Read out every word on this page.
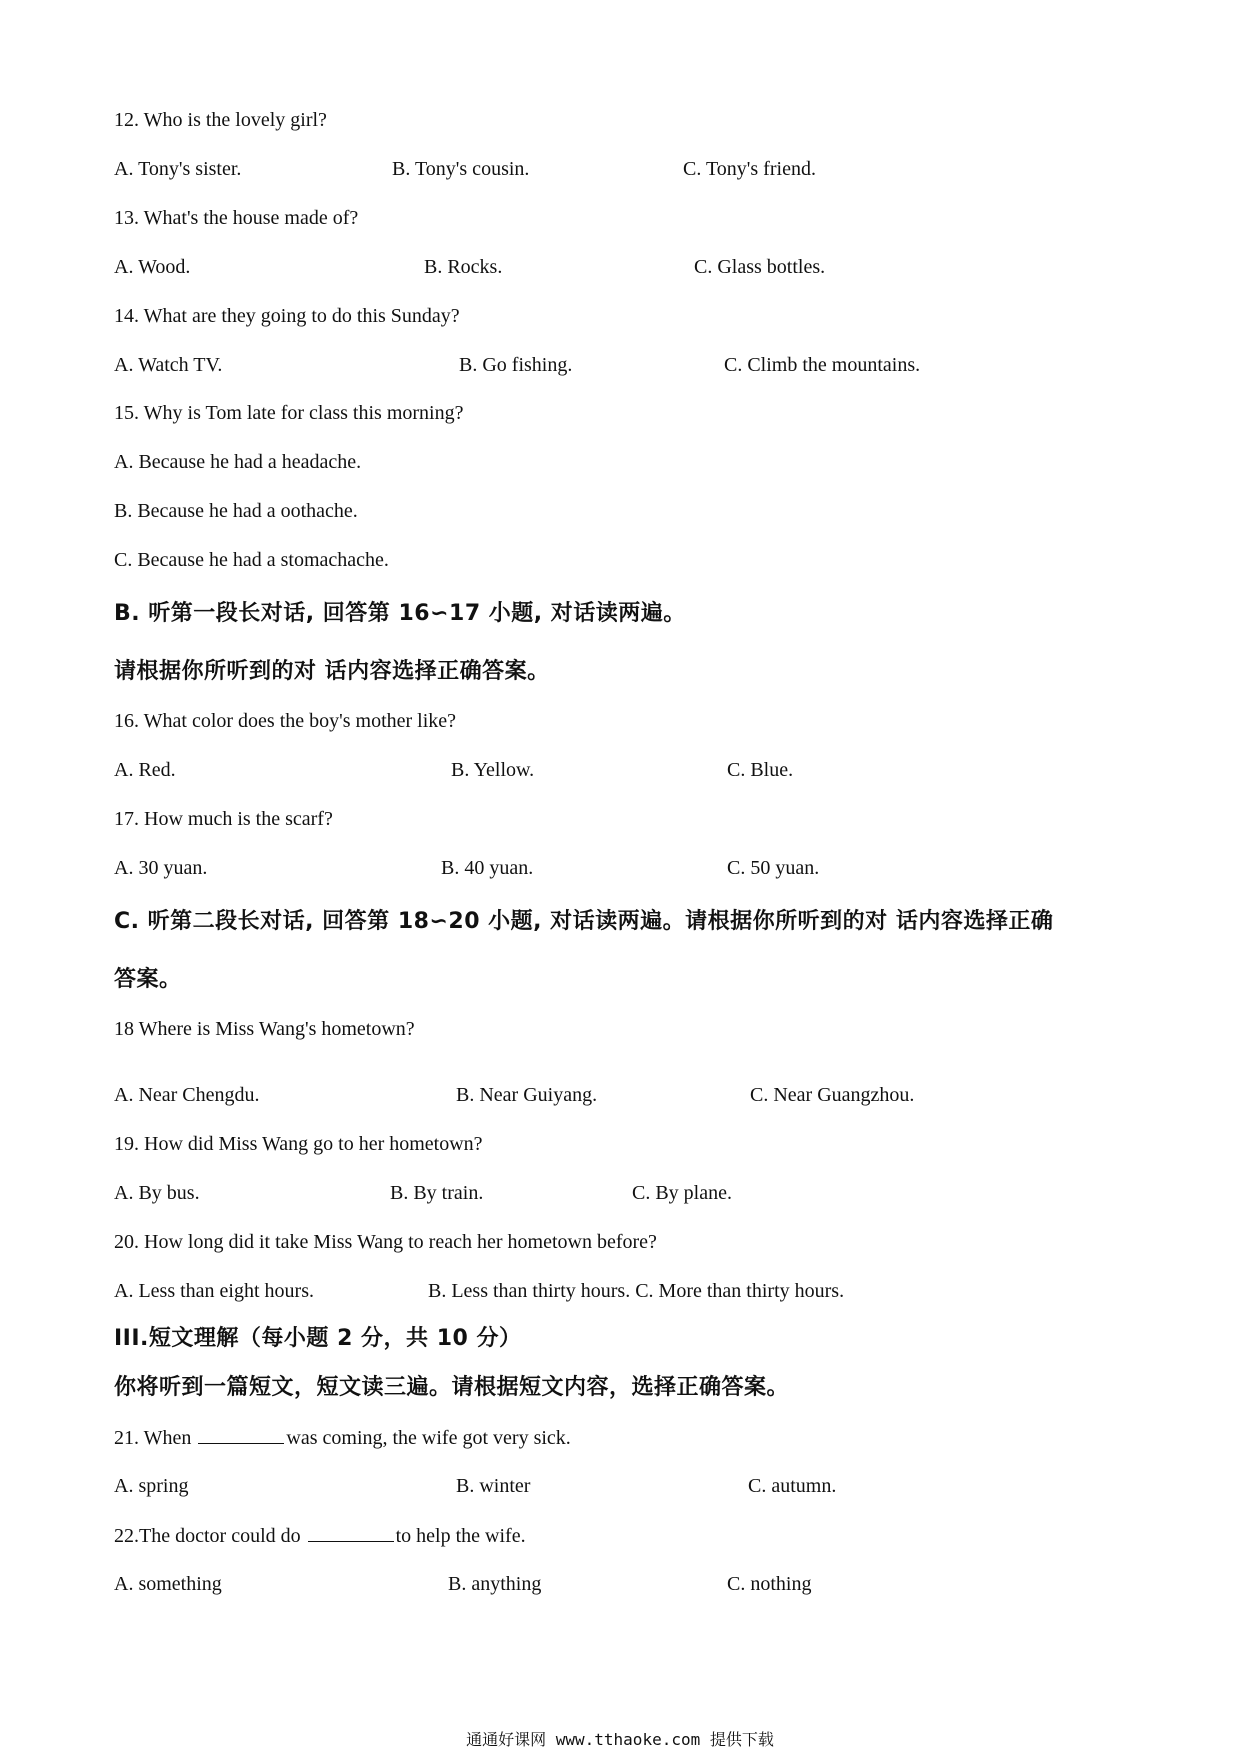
12. Who is the lovely girl?
A. Tony's sister.	B. Tony's cousin.	C. Tony's friend.
13. What's the house made of?
A. Wood.	B. Rocks.	C. Glass bottles.
14. What are they going to do this Sunday?
A. Watch TV.	B. Go fishing.	C. Climb the mountains.
15. Why is Tom late for class this morning?
A. Because he had a headache.
B. Because he had a oothache.
C. Because he had a stomachache.
B. 听第一段长对话, 回答第 16∽17 小题, 对话读两遍。
请根据你所听到的对 话内容选择正确答案。
16. What color does the boy's mother like?
A. Red.	B. Yellow.	C. Blue.
17. How much is the scarf?
A. 30 yuan.	B. 40 yuan.	C. 50 yuan.
C. 听第二段长对话, 回答第 18∽20 小题, 对话读两遍。请根据你所听到的对 话内容选择正确
答案。
18 Where is Miss Wang's hometown?
A. Near Chengdu.	B. Near Guiyang.	C. Near Guangzhou.
19. How did Miss Wang go to her hometown?
A. By bus.	B. By train.	C. By plane.
20. How long did it take Miss Wang to reach her hometown before?
A. Less than eight hours.	B. Less than thirty hours. C. More than thirty hours.
III.短文理解（每小题 2 分，共 10 分）
你将听到一篇短文，短文读三遍。请根据短文内容，选择正确答案。
21. When	was coming, the wife got very sick.
A. spring	B. winter	C. autumn.
22.The doctor could do	to help the wife.
A. something	B. anything	C. nothing
通通好课网 www.tthaoke.com 提供下载
